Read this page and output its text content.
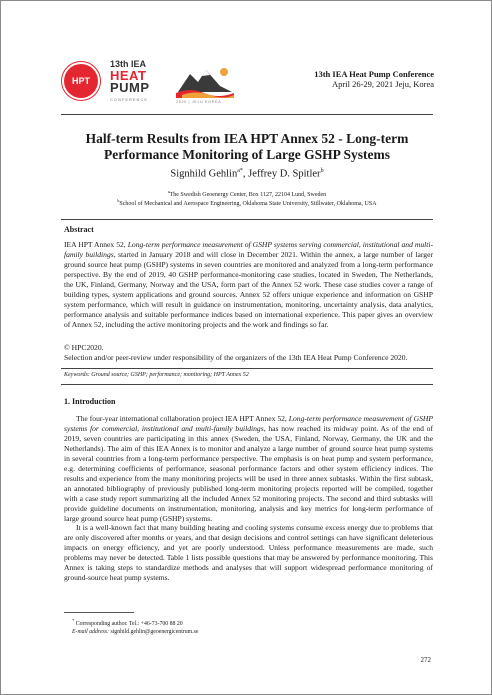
HPT
13th IEA
HEAT
PUMP
CONFERENCE	2020 | JEJU KOREA
13th IEA Heat Pump Conference
April 26-29, 2021 Jeju, Korea
Half-term Results from IEA HPT Annex 52 - Long-term
Performance Monitoring of Large GSHP Systems
Signhild Gehlin$^{a*}$, Jeffrey D. Spitler$^b$
$^a$The Swedish Geoenergy Center, Box 1127, 22104 Lund, Sweden
$^b$School of Mechanical and Aerospace Engineering, Oklahoma State University, Stillwater, Oklahoma, USA
Abstract

IEA HPT Annex 52, Long-term performance measurement of GSHP systems serving commercial, institutional and multi-family buildings, started in January 2018 and will close in December 2021. Within the annex, a large number of larger ground source heat pump (GSHP) systems in seven countries are monitored and analyzed from a long-term performance perspective. By the end of 2019, 40 GSHP performance-monitoring case studies, located in Sweden, The Netherlands, the UK, Finland, Germany, Norway and the USA, form part of the Annex 52 work. These case studies cover a range of building types, system applications and ground sources. Annex 52 offers unique experience and information on GSHP system performance, which will result in guidance on instrumentation, monitoring, uncertainty analysis, data analytics, performance analysis and suitable performance indices based on international experience. This paper gives an overview of Annex 52, including the active monitoring projects and the work and findings so far.

© HPC2020.

Selection and/or peer-review under responsibility of the organizers of the 13th IEA Heat Pump Conference 2020.

Keywords: Ground source; GSHP; performance; monitoring; HPT Annex 52
1. Introduction

The four-year international collaboration project IEA HPT Annex 52, Long-term performance measurement of GSHP systems for commercial, institutional and multi-family buildings, has now reached its midway point. As of the end of 2019, seven countries are participating in this annex (Sweden, the USA, Finland, Norway, Germany, the UK and the Netherlands). The aim of this IEA Annex is to monitor and analyze a large number of ground source heat pump systems in several countries from a long-term performance perspective. The emphasis is on heat pump and system performance, e.g. determining coefficients of performance, seasonal performance factors and other system efficiency indices. The results and experience from the many monitoring projects will be used in three annex subtasks. Within the first subtask, an annotated bibliography of previously published long-term monitoring projects reported will be compiled, together with a case study report summarizing all the included Annex 52 monitoring projects. The second and third subtasks will provide guideline documents on instrumentation, monitoring, analysis and key metrics for long-term performance of large ground source heat pump (GSHP) systems.

It is a well-known fact that many building heating and cooling systems consume excess energy due to problems that are only discovered after months or years, and that design decisions and control settings can have significant deleterious impacts on energy efficiency, and yet are poorly understood. Unless performance measurements are made, such problems may never be detected. Table 1 lists possible questions that may be answered by performance monitoring. This Annex is taking steps to standardize methods and analyses that will support widespread performance monitoring of ground-source heat pump systems.

* Corresponding author. Tel.: +46-73-700 88 20
E-mail address: signhild.gehlin@geoenergicentrum.se
272
